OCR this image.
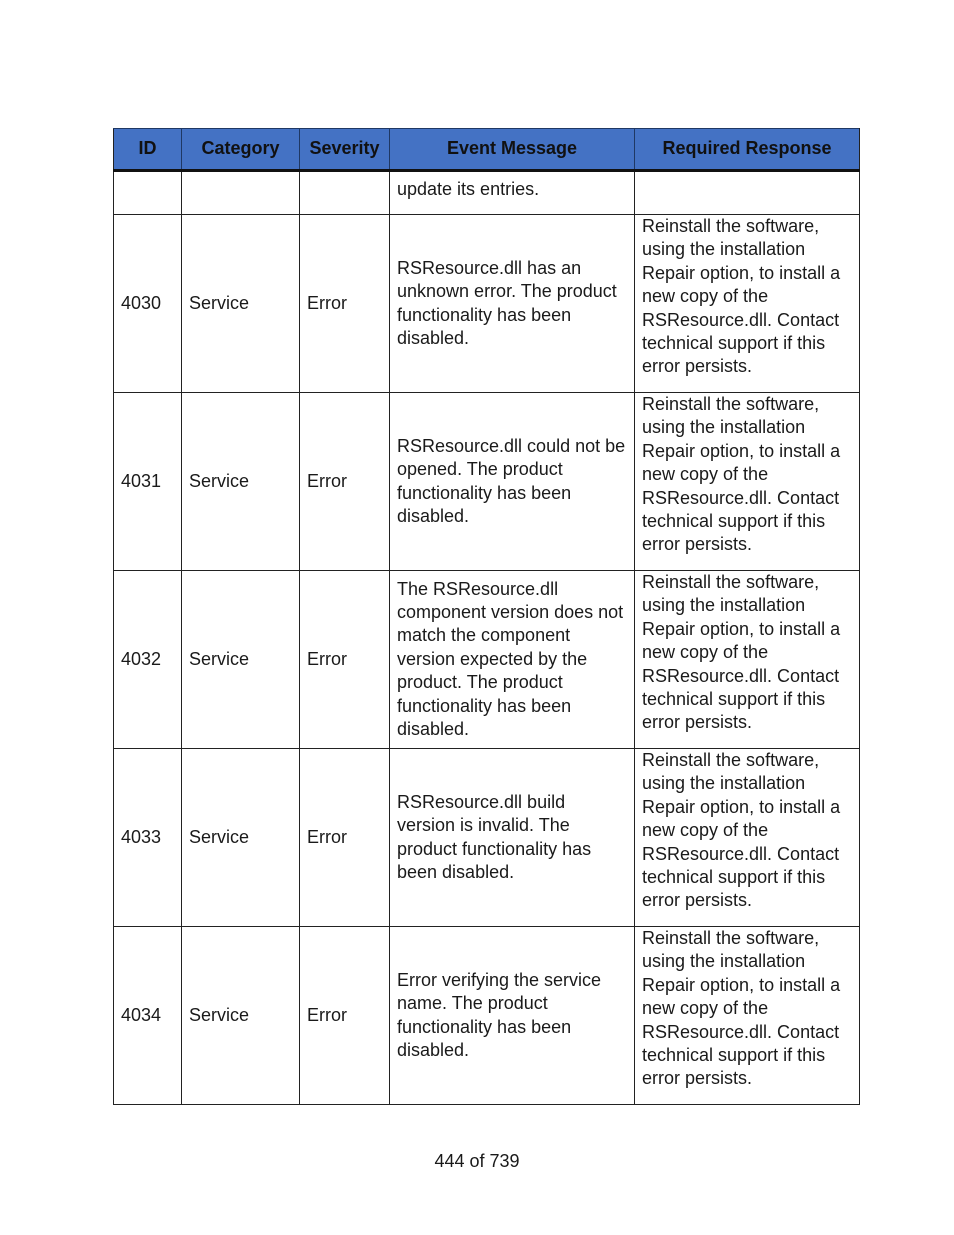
ID	Category	Severity	Event Message	Required Response
			update its entries.	
4030	Service	Error	RSResource.dll has an unknown error. The product functionality has been disabled.	Reinstall the software, using the installation Repair option, to install a new copy of the RSResource.dll. Contact technical support if this error persists.
4031	Service	Error	RSResource.dll could not be opened. The product functionality has been disabled.	Reinstall the software, using the installation Repair option, to install a new copy of the RSResource.dll. Contact technical support if this error persists.
4032	Service	Error	The RSResource.dll component version does not match the component version expected by the product. The product functionality has been disabled.	Reinstall the software, using the installation Repair option, to install a new copy of the RSResource.dll. Contact technical support if this error persists.
4033	Service	Error	RSResource.dll build version is invalid. The product functionality has been disabled.	Reinstall the software, using the installation Repair option, to install a new copy of the RSResource.dll. Contact technical support if this error persists.
4034	Service	Error	Error verifying the service name. The product functionality has been disabled.	Reinstall the software, using the installation Repair option, to install a new copy of the RSResource.dll. Contact technical support if this error persists.
444 of 739
